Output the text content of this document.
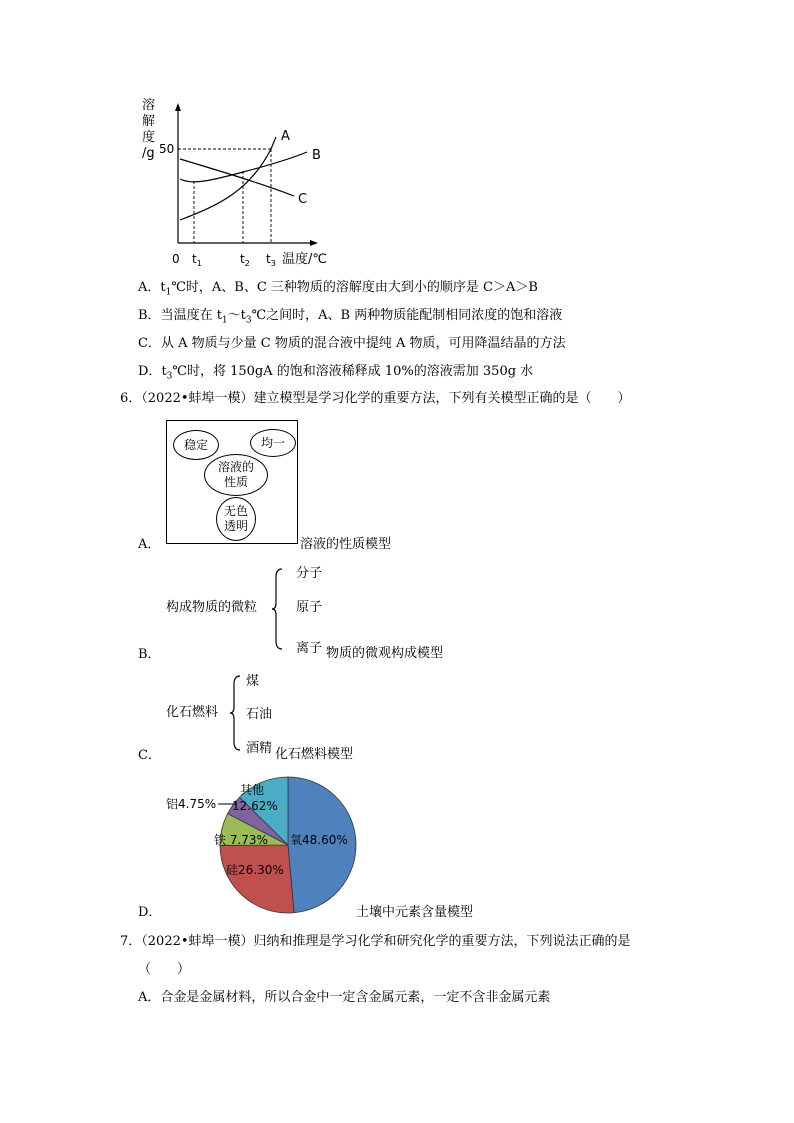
溶
解
度
/g 50
0 $t_1$	$t_2$ $t_3$ 温度/℃
A
B
C
A．$t_1℃$时，A、B、C 三种物质的溶解度由大到小的顺序是 C＞A＞B
B．当温度在 $t_1\sim t_3℃$之间时，A、B 两种物质能配制相同浓度的饱和溶液
C．从 A 物质与少量 C 物质的混合液中提纯 A 物质，可用降温结晶的方法
D．$t_3℃$时，将 150gA 的饱和溶液稀释成 10%的溶液需加 350g 水
6．（2022•蚌埠一模）建立模型是学习化学的重要方法，下列有关模型正确的是（　　）
稳定	均一
溶液的
性质
无色
透明
A．	溶液的性质模型
构成物质的微粒
分子
原子
离子
B．	物质的微观构成模型
化石燃料
煤
石油
酒精
C．	化石燃料模型
氧48.60%
硅26.30%
铁 7.73%
其他
12.62%
铝4.75%
D．	土壤中元素含量模型
7．（2022•蚌埠一模）归纳和推理是学习化学和研究化学的重要方法，下列说法正确的是
（　　）
A．合金是金属材料，所以合金中一定含金属元素，一定不含非金属元素
